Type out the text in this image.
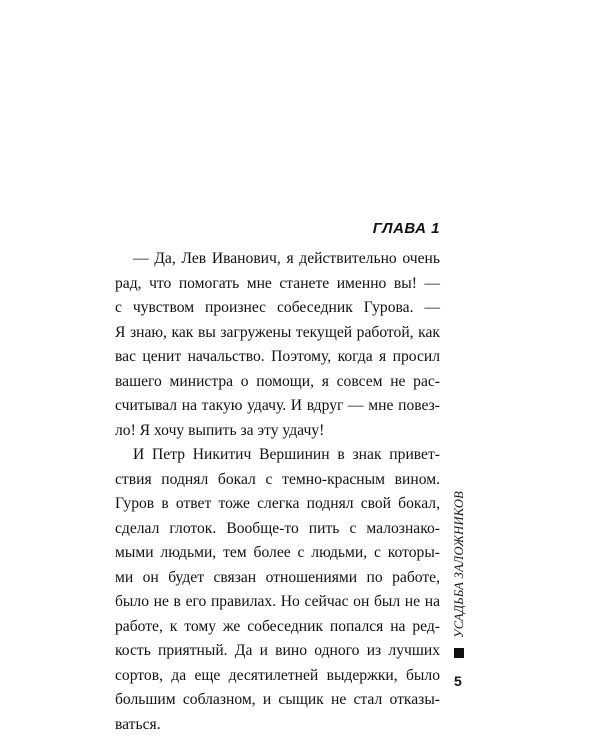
ГЛАВА 1
— Да, Лев Иванович, я действительно очень
рад, что помогать мне станете именно вы! —
с чувством произнес собеседник Гурова. —
Я знаю, как вы загружены текущей работой, как
вас ценит начальство. Поэтому, когда я просил
вашего министра о помощи, я совсем не рас-
считывал на такую удачу. И вдруг — мне повез-
ло! Я хочу выпить за эту удачу!
И Петр Никитич Вершинин в знак привет-
ствия поднял бокал с темно-красным вином.
Гуров в ответ тоже слегка поднял свой бокал,
сделал глоток. Вообще-то пить с малознако-
мыми людьми, тем более с людьми, с которы-
ми он будет связан отношениями по работе,
было не в его правилах. Но сейчас он был не на
работе, к тому же собеседник попался на ред-
кость приятный. Да и вино одного из лучших
сортов, да еще десятилетней выдержки, было
большим соблазном, и сыщик не стал отказы-
ваться.
УСАДЬБА ЗАЛОЖНИКОВ
5
